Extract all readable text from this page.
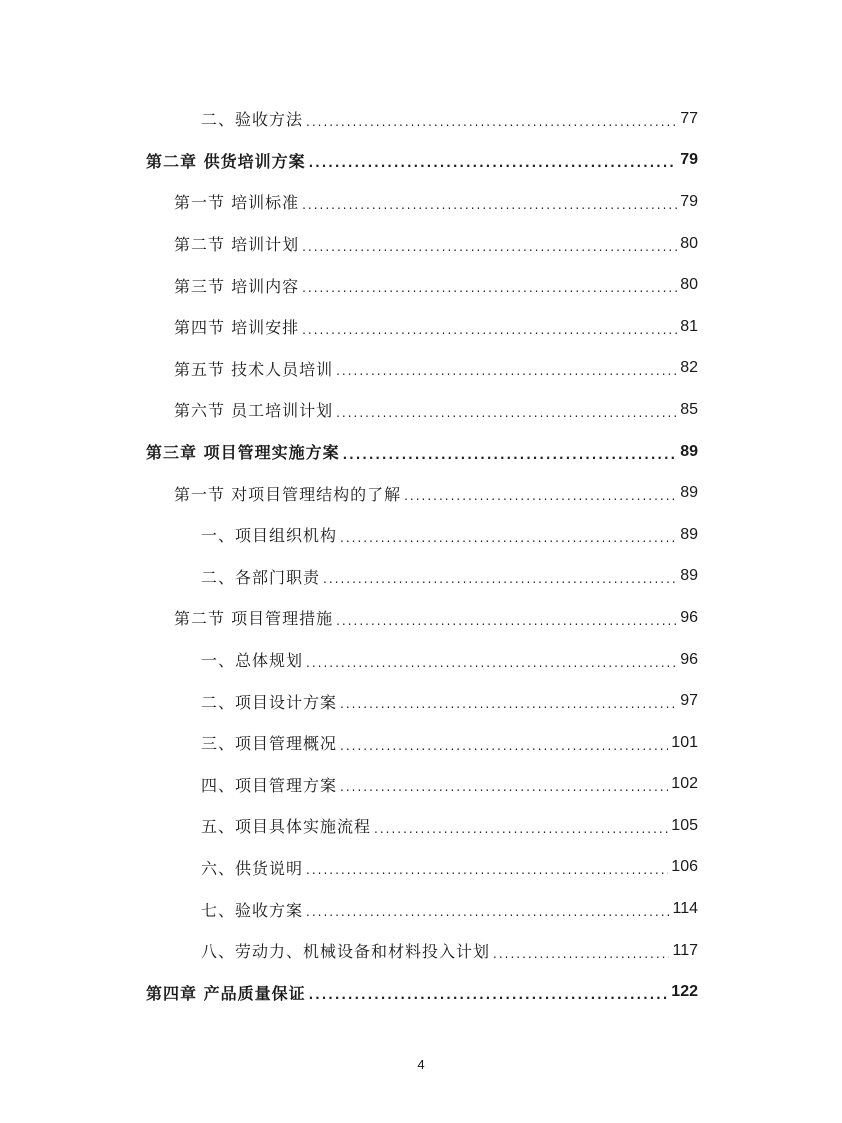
二、验收方法 .....	77
第二章 供货培训方案 .....	79
第一节 培训标准 .....	79
第二节 培训计划 .....	80
第三节 培训内容 .....	80
第四节 培训安排 .....	81
第五节 技术人员培训 .....	82
第六节 员工培训计划 .....	85
第三章 项目管理实施方案 .....	89
第一节 对项目管理结构的了解 .....	89
一、项目组织机构 .....	89
二、各部门职责 .....	89
第二节 项目管理措施 .....	96
一、总体规划 .....	96
二、项目设计方案 .....	97
三、项目管理概况 .....	101
四、项目管理方案 .....	102
五、项目具体实施流程 .....	105
六、供货说明 .....	106
七、验收方案 .....	114
八、劳动力、机械设备和材料投入计划 .....	117
第四章 产品质量保证 .....	122
4
